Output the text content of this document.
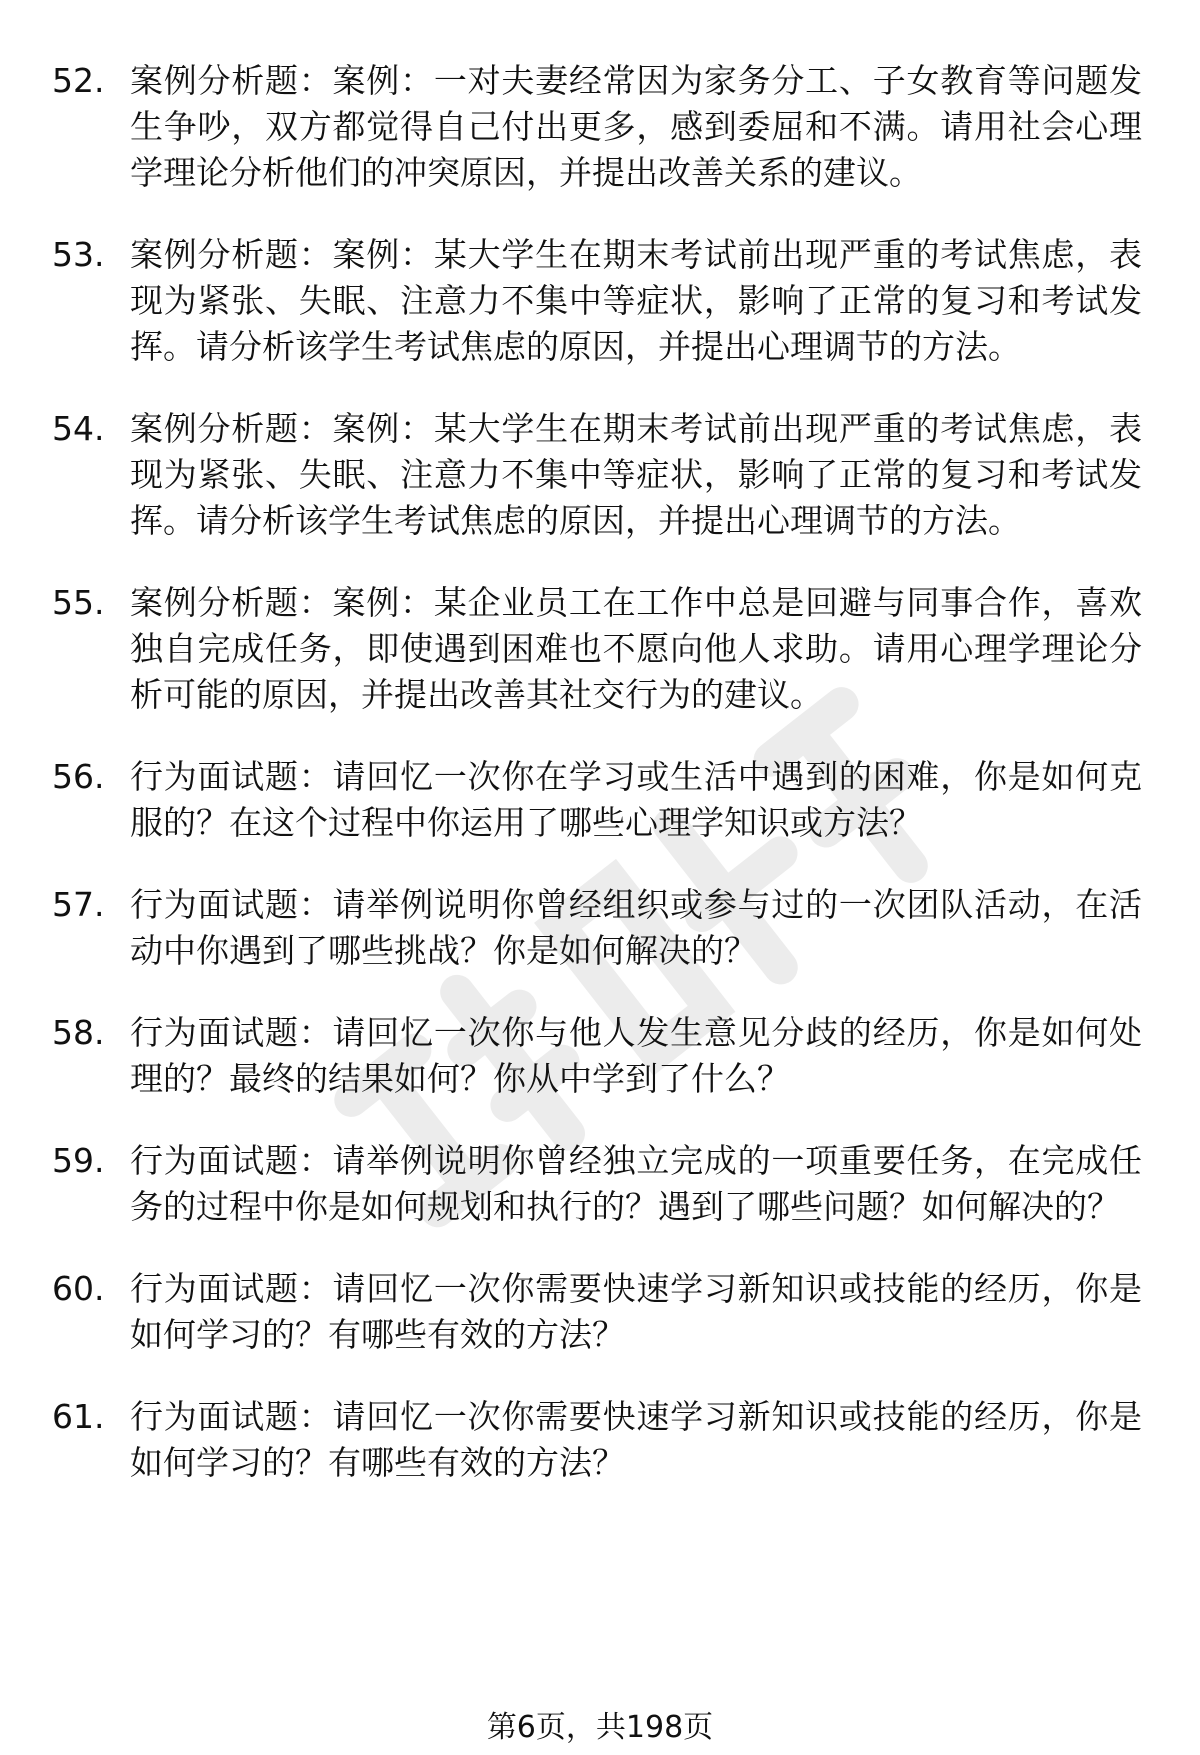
52. 案例分析题：案例：一对夫妻经常因为家务分工、子女教育等问题发生争吵，双方都觉得自己付出更多，感到委屈和不满。请用社会心理学理论分析他们的冲突原因，并提出改善关系的建议。
53. 案例分析题：案例：某大学生在期末考试前出现严重的考试焦虑，表现为紧张、失眠、注意力不集中等症状，影响了正常的复习和考试发挥。请分析该学生考试焦虑的原因，并提出心理调节的方法。
54. 案例分析题：案例：某大学生在期末考试前出现严重的考试焦虑，表现为紧张、失眠、注意力不集中等症状，影响了正常的复习和考试发挥。请分析该学生考试焦虑的原因，并提出心理调节的方法。
55. 案例分析题：案例：某企业员工在工作中总是回避与同事合作，喜欢独自完成任务，即使遇到困难也不愿向他人求助。请用心理学理论分析可能的原因，并提出改善其社交行为的建议。
56. 行为面试题：请回忆一次你在学习或生活中遇到的困难，你是如何克服的？在这个过程中你运用了哪些心理学知识或方法？
57. 行为面试题：请举例说明你曾经组织或参与过的一次团队活动，在活动中你遇到了哪些挑战？你是如何解决的？
58. 行为面试题：请回忆一次你与他人发生意见分歧的经历，你是如何处理的？最终的结果如何？你从中学到了什么？
59. 行为面试题：请举例说明你曾经独立完成的一项重要任务，在完成任务的过程中你是如何规划和执行的？遇到了哪些问题？如何解决的？
60. 行为面试题：请回忆一次你需要快速学习新知识或技能的经历，你是如何学习的？有哪些有效的方法？
61. 行为面试题：请回忆一次你需要快速学习新知识或技能的经历，你是如何学习的？有哪些有效的方法？
第6页，共198页
